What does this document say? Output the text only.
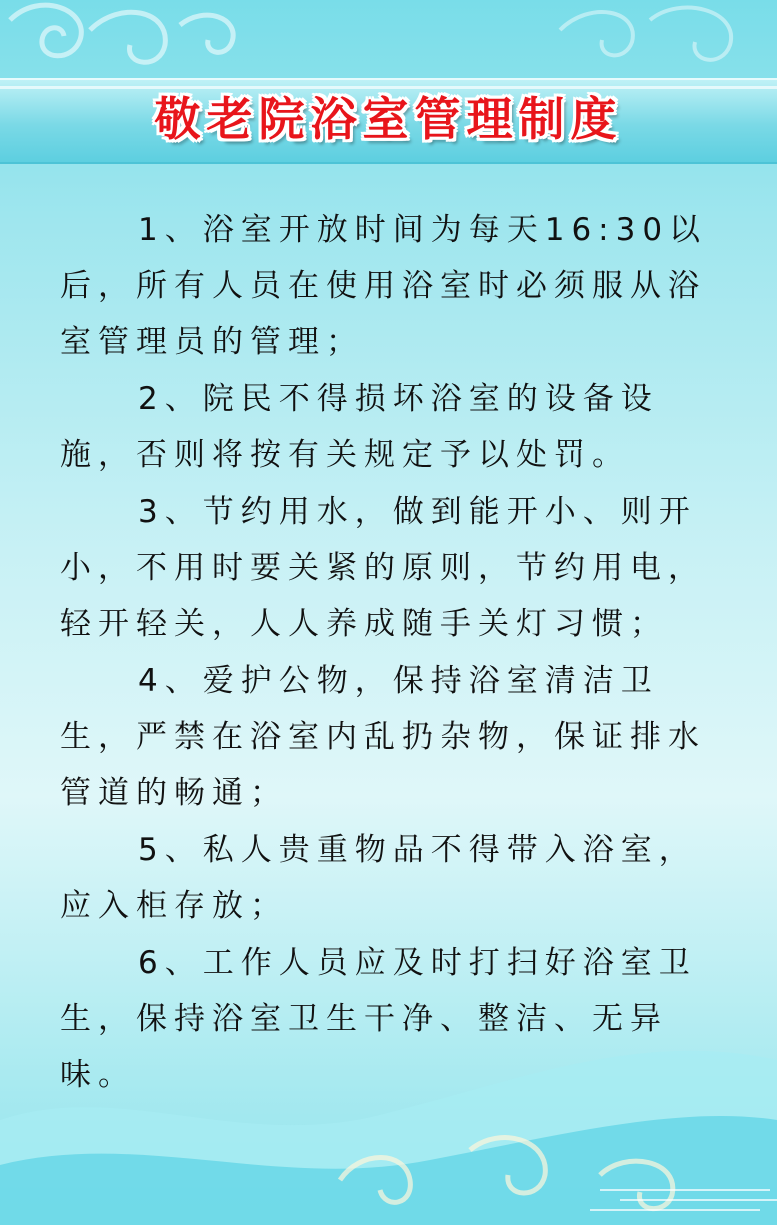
敬老院浴室管理制度

1、浴室开放时间为每天16:30以后，所有人员在使用浴室时必须服从浴室管理员的管理；

2、院民不得损坏浴室的设备设施，否则将按有关规定予以处罚。

3、节约用水，做到能开小、则开小，不用时要关紧的原则，节约用电，轻开轻关，人人养成随手关灯习惯；

4、爱护公物，保持浴室清洁卫生，严禁在浴室内乱扔杂物，保证排水管道的畅通；

5、私人贵重物品不得带入浴室，应入柜存放；

6、工作人员应及时打扫好浴室卫生，保持浴室卫生干净、整洁、无异味。
